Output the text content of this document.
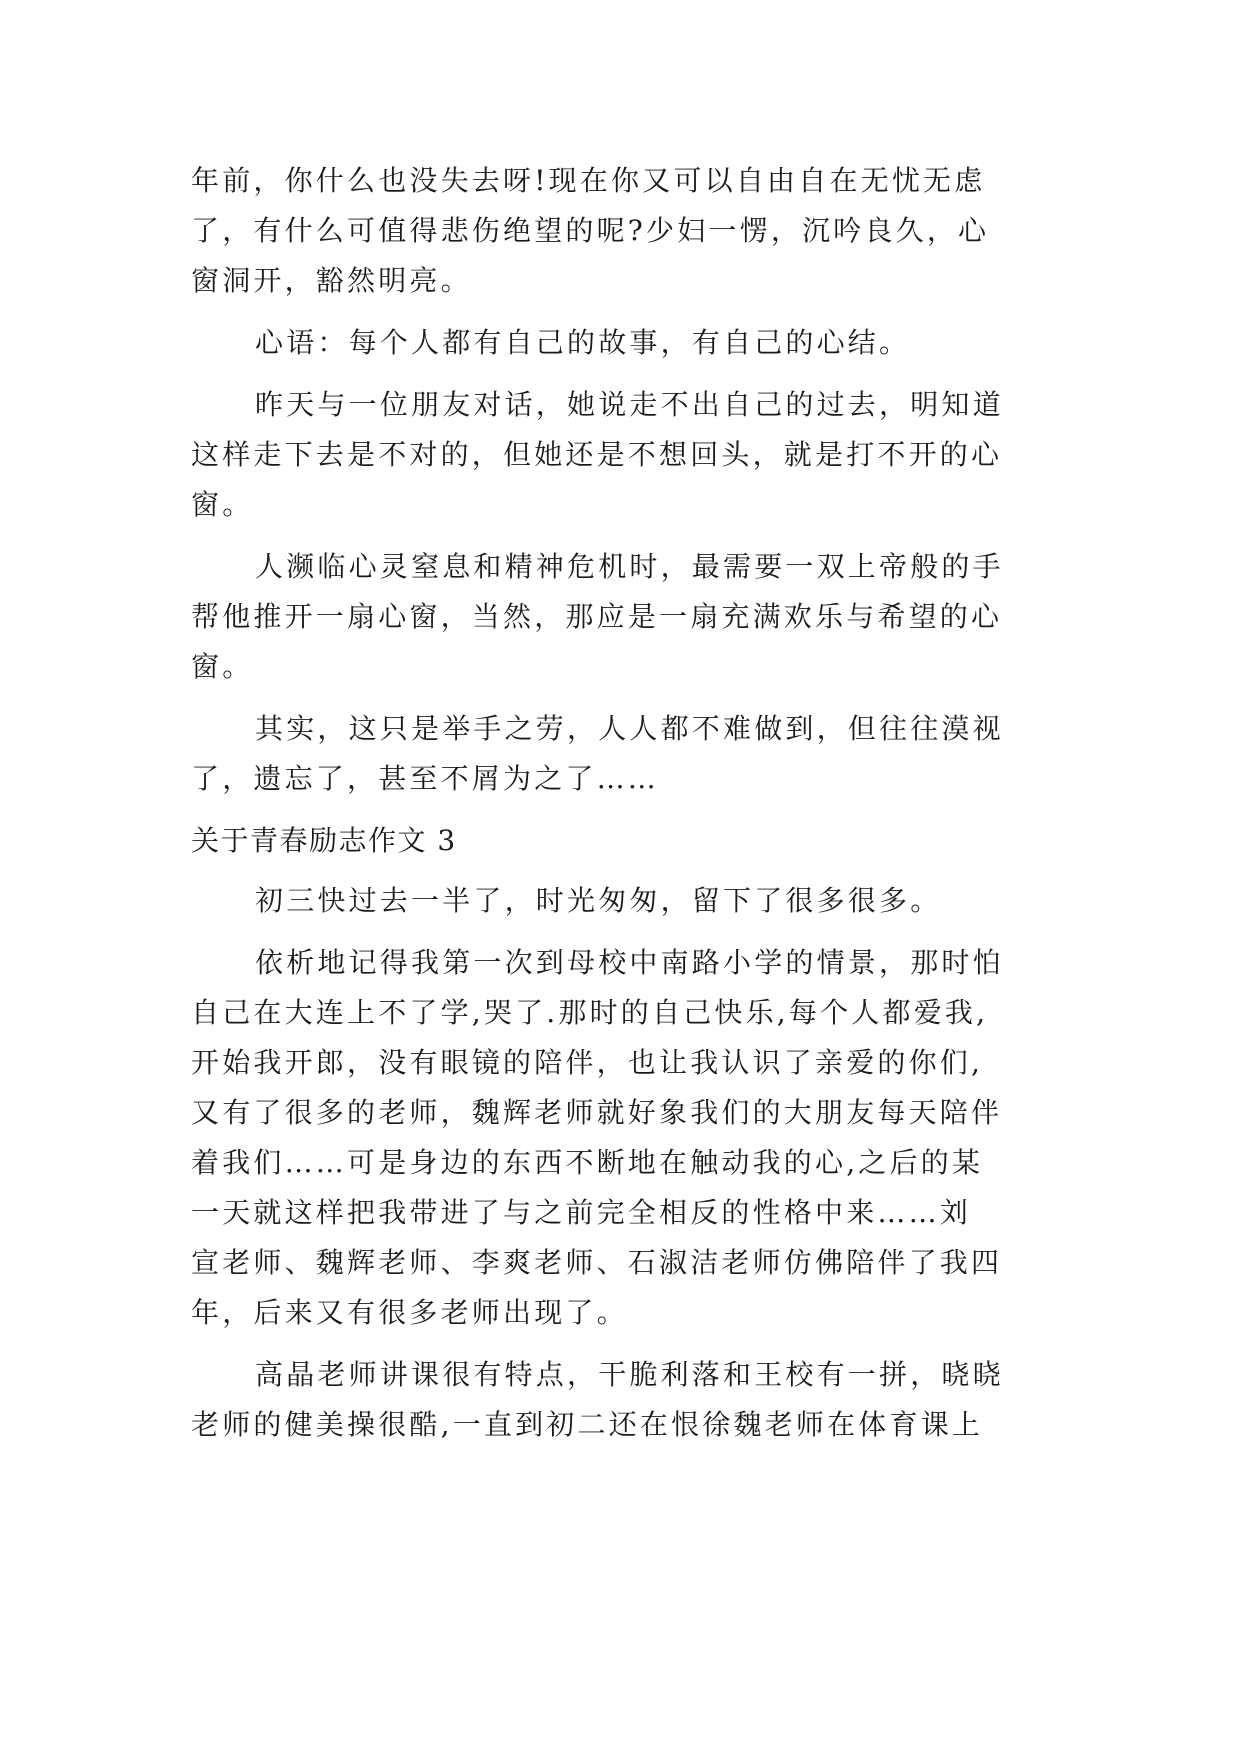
年前，你什么也没失去呀!现在你又可以自由自在无忧无虑
了，有什么可值得悲伤绝望的呢?少妇一愣，沉吟良久，心
窗洞开，豁然明亮。
心语：每个人都有自己的故事，有自己的心结。
昨天与一位朋友对话，她说走不出自己的过去，明知道
这样走下去是不对的，但她还是不想回头，就是打不开的心
窗。
人濒临心灵窒息和精神危机时，最需要一双上帝般的手
帮他推开一扇心窗，当然，那应是一扇充满欢乐与希望的心
窗。
其实，这只是举手之劳，人人都不难做到，但往往漠视
了，遗忘了，甚至不屑为之了……
关于青春励志作文 3
初三快过去一半了，时光匆匆，留下了很多很多。
依析地记得我第一次到母校中南路小学的情景，那时怕
自己在大连上不了学,哭了.那时的自己快乐,每个人都爱我,
开始我开郎，没有眼镜的陪伴，也让我认识了亲爱的你们,
又有了很多的老师，魏辉老师就好象我们的大朋友每天陪伴
着我们……可是身边的东西不断地在触动我的心,之后的某
一天就这样把我带进了与之前完全相反的性格中来……刘
宣老师、魏辉老师、李爽老师、石淑洁老师仿佛陪伴了我四
年，后来又有很多老师出现了。
高晶老师讲课很有特点，干脆利落和王校有一拼，晓晓
老师的健美操很酷,一直到初二还在恨徐魏老师在体育课上
